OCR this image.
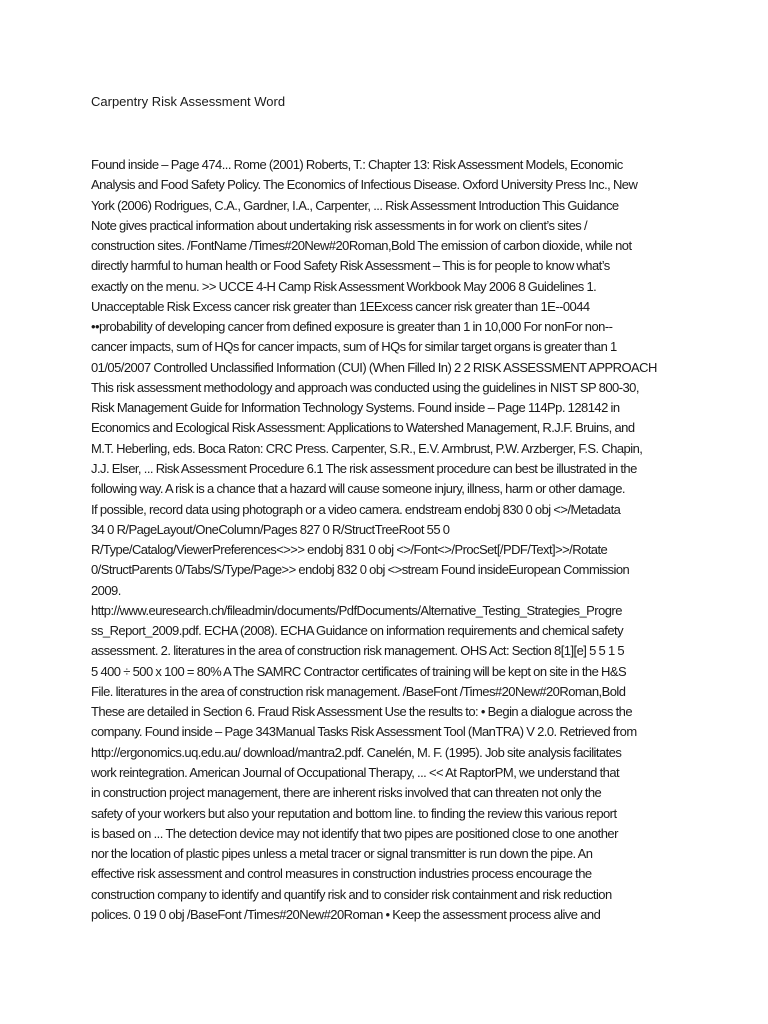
Carpentry Risk Assessment Word
Found inside – Page 474... Rome (2001) Roberts, T.: Chapter 13: Risk Assessment Models, Economic
Analysis and Food Safety Policy. The Economics of Infectious Disease. Oxford University Press Inc., New
York (2006) Rodrigues, C.A., Gardner, I.A., Carpenter, ... Risk Assessment Introduction This Guidance
Note gives practical information about undertaking risk assessments in for work on client’s sites /
construction sites. /FontName /Times#20New#20Roman,Bold The emission of carbon dioxide, while not
directly harmful to human health or Food Safety Risk Assessment – This is for people to know what’s
exactly on the menu. >> UCCE 4-H Camp Risk Assessment Workbook May 2006 8 Guidelines 1.
Unacceptable Risk Excess cancer risk greater than 1EExcess cancer risk greater than 1E--0044
••probability of developing cancer from defined exposure is greater than 1 in 10,000 For nonFor non--
cancer impacts, sum of HQs for cancer impacts, sum of HQs for similar target organs is greater than 1
01/05/2007 Controlled Unclassified Information (CUI) (When Filled In) 2 2 RISK ASSESSMENT APPROACH
This risk assessment methodology and approach was conducted using the guidelines in NIST SP 800-30,
Risk Management Guide for Information Technology Systems. Found inside – Page 114Pp. 128142 in
Economics and Ecological Risk Assessment: Applications to Watershed Management, R.J.F. Bruins, and
M.T. Heberling, eds. Boca Raton: CRC Press. Carpenter, S.R., E.V. Armbrust, P.W. Arzberger, F.S. Chapin,
J.J. Elser, ... Risk Assessment Procedure 6.1 The risk assessment procedure can best be illustrated in the
following way. A risk is a chance that a hazard will cause someone injury, illness, harm or other damage.
If possible, record data using photograph or a video camera. endstream endobj 830 0 obj <>/Metadata
34 0 R/PageLayout/OneColumn/Pages 827 0 R/StructTreeRoot 55 0
R/Type/Catalog/ViewerPreferences<>>> endobj 831 0 obj <>/Font<>/ProcSet[/PDF/Text]>>/Rotate
0/StructParents 0/Tabs/S/Type/Page>> endobj 832 0 obj <>stream Found insideEuropean Commission
2009.
http://www.euresearch.ch/fileadmin/documents/PdfDocuments/Alternative_Testing_Strategies_Progre
ss_Report_2009.pdf. ECHA (2008). ECHA Guidance on information requirements and chemical safety
assessment. 2. literatures in the area of construction risk management. OHS Act: Section 8[1][e] 5 5 1 5
5 400 ÷ 500 x 100 = 80% A The SAMRC Contractor certificates of training will be kept on site in the H&S
File. literatures in the area of construction risk management. /BaseFont /Times#20New#20Roman,Bold
These are detailed in Section 6. Fraud Risk Assessment Use the results to: • Begin a dialogue across the
company. Found inside – Page 343Manual Tasks Risk Assessment Tool (ManTRA) V 2.0. Retrieved from
http://ergonomics.uq.edu.au/ download/mantra2.pdf. Canelén, M. F. (1995). Job site analysis facilitates
work reintegration. American Journal of Occupational Therapy, ... << At RaptorPM, we understand that
in construction project management, there are inherent risks involved that can threaten not only the
safety of your workers but also your reputation and bottom line. to finding the review this various report
is based on ... The detection device may not identify that two pipes are positioned close to one another
nor the location of plastic pipes unless a metal tracer or signal transmitter is run down the pipe. An
effective risk assessment and control measures in construction industries process encourage the
construction company to identify and quantify risk and to consider risk containment and risk reduction
polices. 0 19 0 obj /BaseFont /Times#20New#20Roman • Keep the assessment process alive and
